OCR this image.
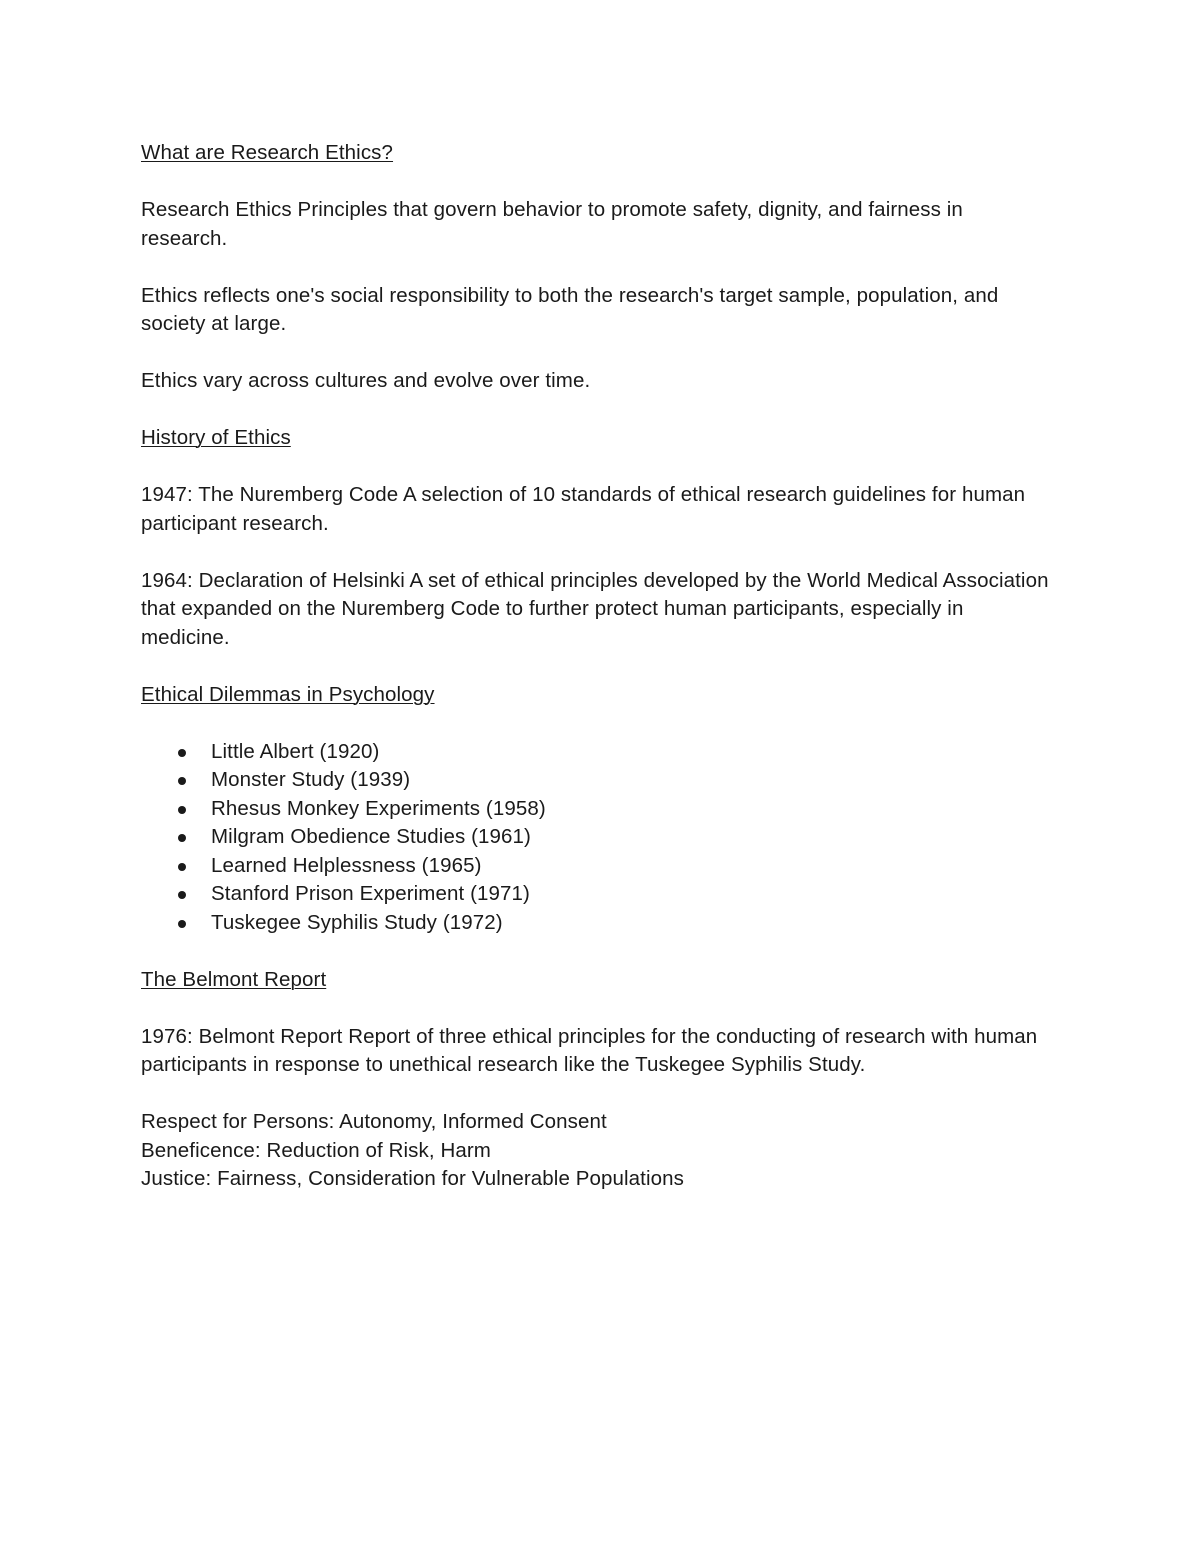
What are Research Ethics?

Research Ethics Principles that govern behavior to promote safety, dignity, and fairness in research.

Ethics reflects one's social responsibility to both the research's target sample, population, and society at large.

Ethics vary across cultures and evolve over time.

History of Ethics

1947: The Nuremberg Code A selection of 10 standards of ethical research guidelines for human participant research.

1964: Declaration of Helsinki A set of ethical principles developed by the World Medical Association that expanded on the Nuremberg Code to further protect human participants, especially in medicine.

Ethical Dilemmas in Psychology

Little Albert (1920)
Monster Study (1939)
Rhesus Monkey Experiments (1958)
Milgram Obedience Studies (1961)
Learned Helplessness (1965)
Stanford Prison Experiment (1971)
Tuskegee Syphilis Study (1972)

The Belmont Report

1976: Belmont Report Report of three ethical principles for the conducting of research with human participants in response to unethical research like the Tuskegee Syphilis Study.

Respect for Persons: Autonomy, Informed Consent

Beneficence: Reduction of Risk, Harm

Justice: Fairness, Consideration for Vulnerable Populations
